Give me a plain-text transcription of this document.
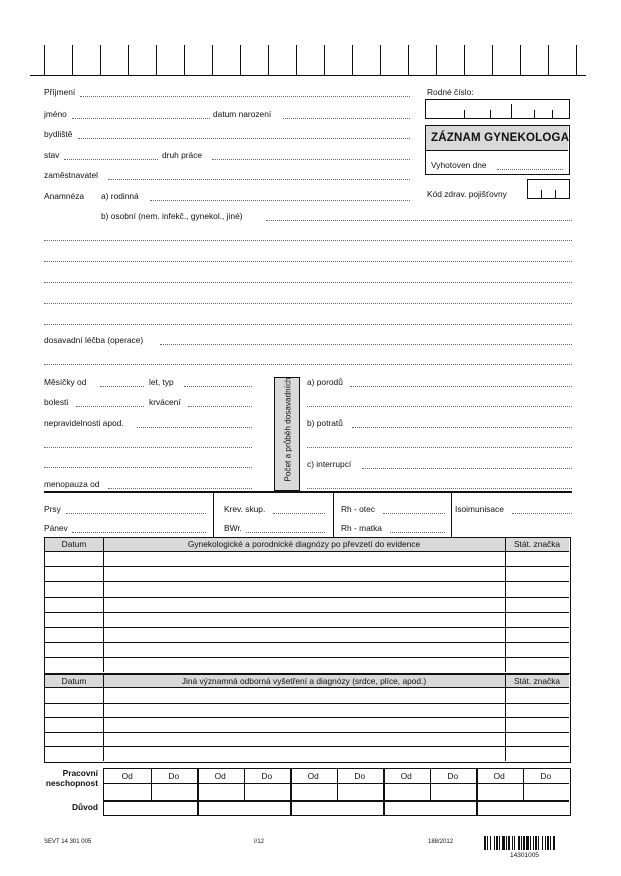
Příjmení
jméno	datum narození
bydliště
stav	druh práce
zaměstnavatel
Rodné číslo:
ZÁZNAM GYNEKOLOGA
Vyhotoven dne
Kód zdrav. pojišťovny
Anamnéza a) rodinná
b) osobní (nem. infekč., gynekol., jiné)
dosavadní léčba (operace)
Měsíčky od	let, typ
bolesti	krvácení
nepravidelnosti apod.
menopauza od
Počet a průběh dosavadních a) porodů
b) potratů
c) interrupcí
Prsy
Pánev
Krev. skup.
BWr.
Rh - otec
Rh - matka
Isoimunisace
Datum	Gynekologické a porodnické diagnózy po převzetí do evidence	Stát. značka
Datum	Jiná významná odborná vyšetření a diagnózy (srdce, plíce, apod.)	Stát. značka
Pracovní
neschopnost
Důvod
Od	Do	Od	Do	Od	Do	Od	Do	Od	Do
SEVT 14 301 005	I/12	188/2012
14301005
